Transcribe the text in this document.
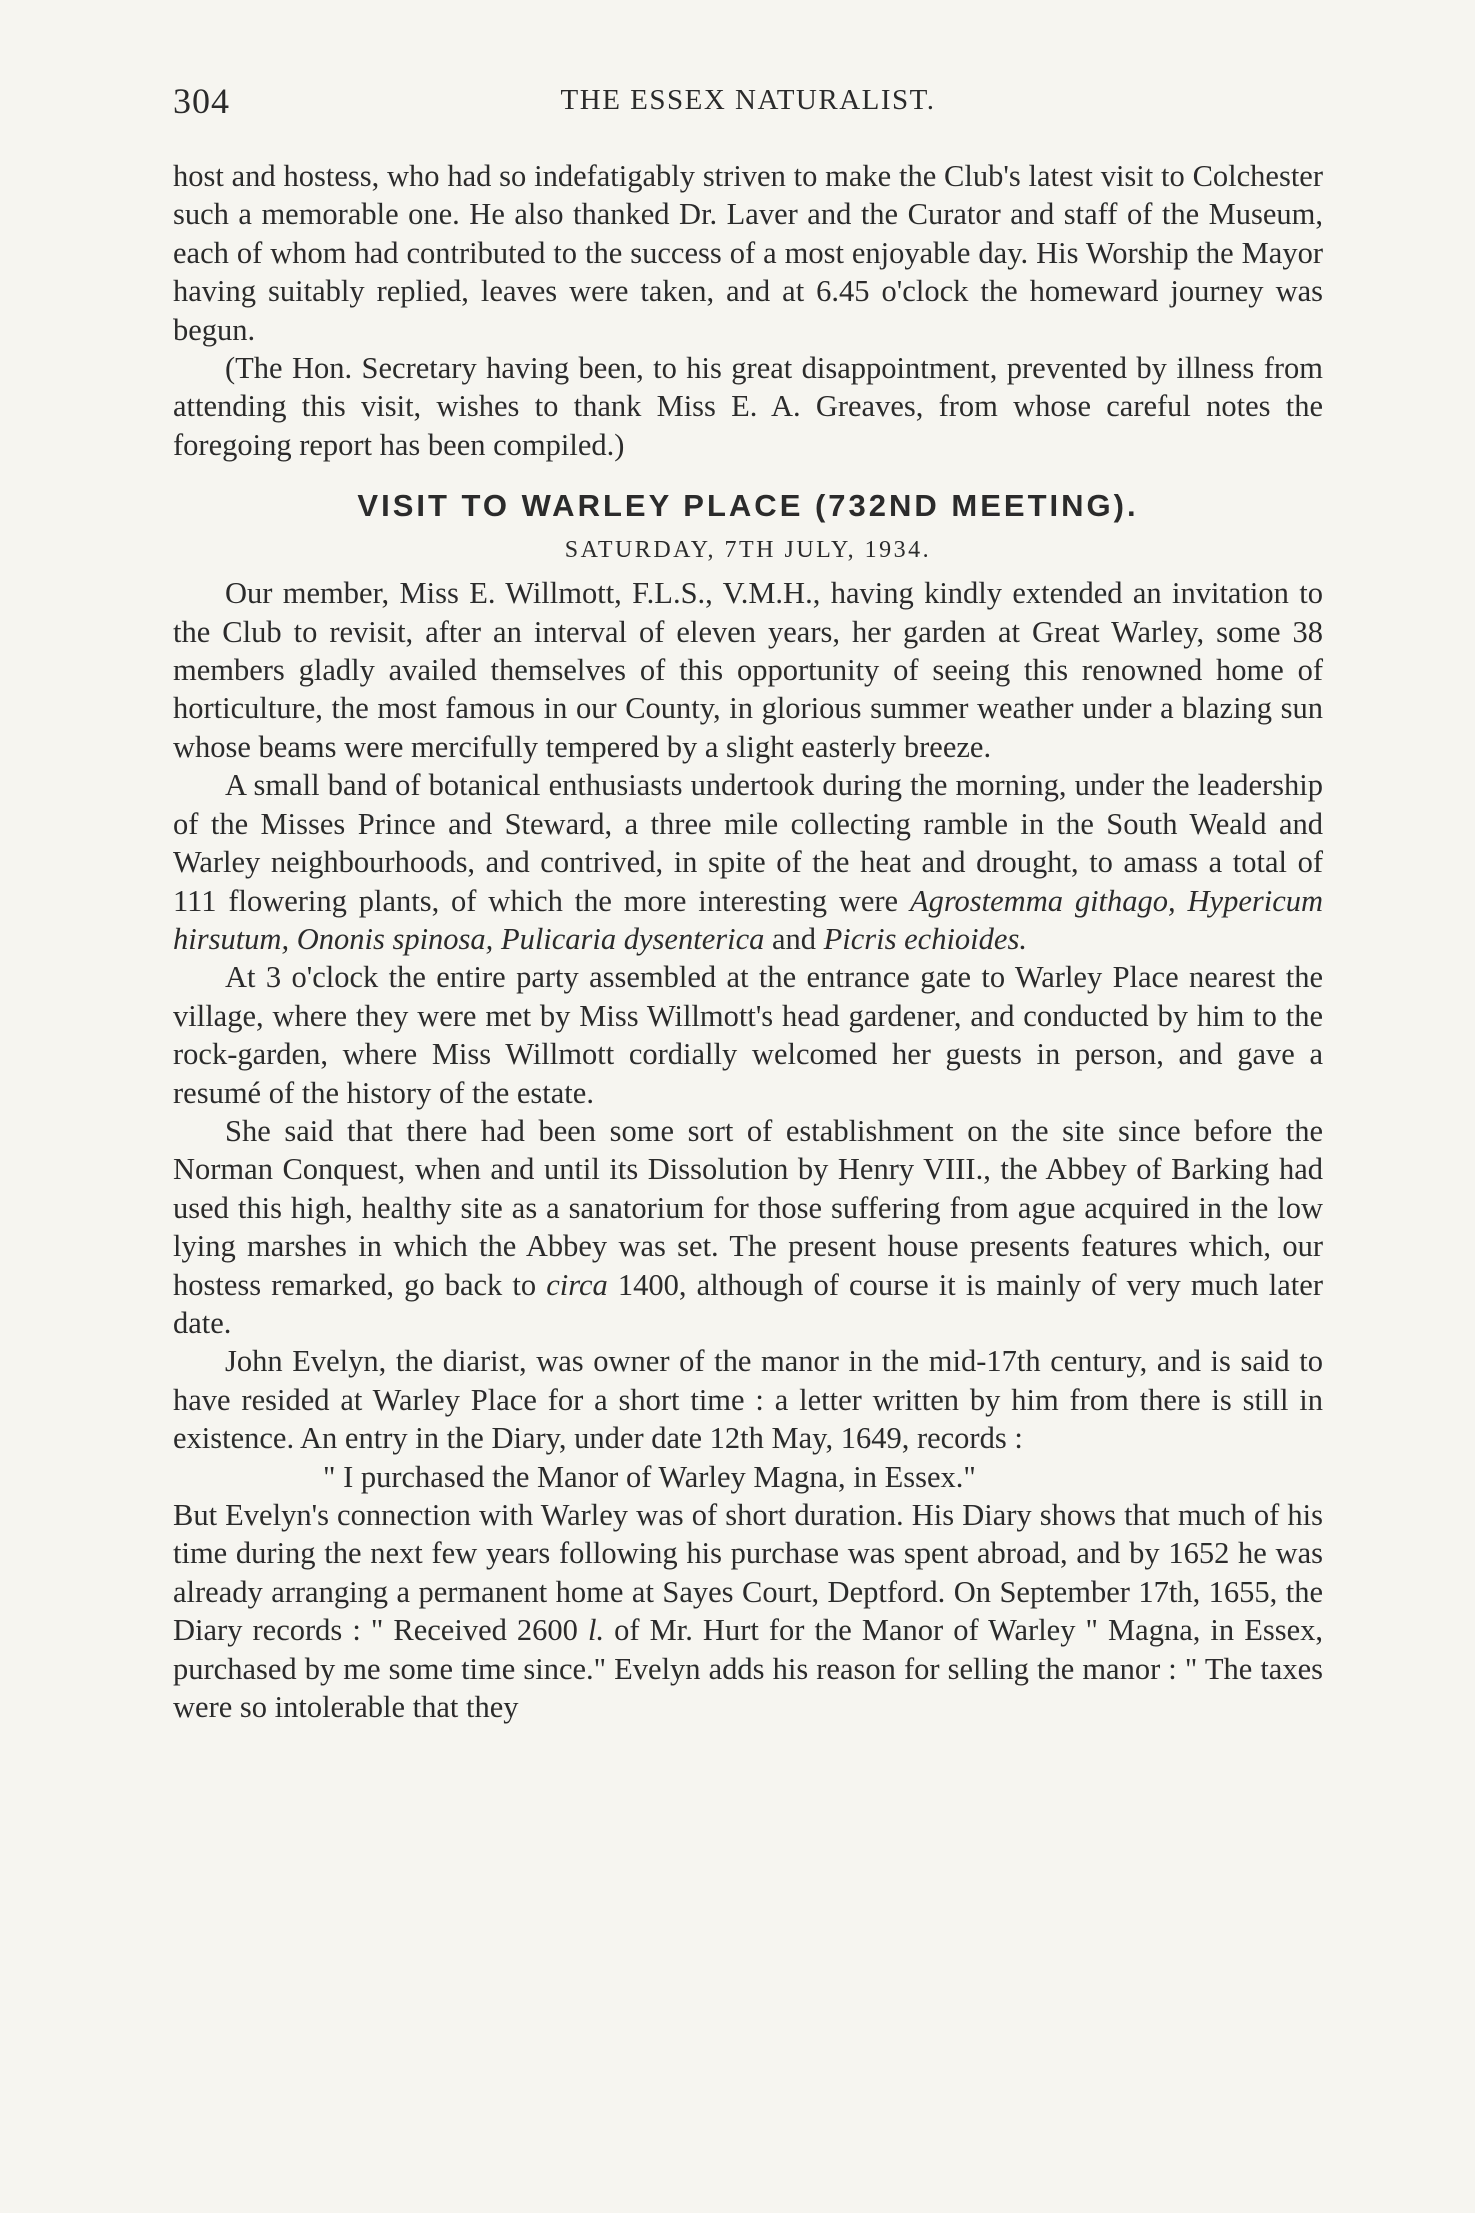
304	THE ESSEX NATURALIST.

host and hostess, who had so indefatigably striven to make the Club's latest visit to Colchester such a memorable one. He also thanked Dr. Laver and the Curator and staff of the Museum, each of whom had contributed to the success of a most enjoyable day. His Worship the Mayor having suitably replied, leaves were taken, and at 6.45 o'clock the homeward journey was begun.

(The Hon. Secretary having been, to his great disappointment, prevented by illness from attending this visit, wishes to thank Miss E. A. Greaves, from whose careful notes the foregoing report has been compiled.)

VISIT TO WARLEY PLACE (732ND MEETING).
SATURDAY, 7TH JULY, 1934.

Our member, Miss E. Willmott, F.L.S., V.M.H., having kindly extended an invitation to the Club to revisit, after an interval of eleven years, her garden at Great Warley, some 38 members gladly availed themselves of this opportunity of seeing this renowned home of horticulture, the most famous in our County, in glorious summer weather under a blazing sun whose beams were mercifully tempered by a slight easterly breeze.

A small band of botanical enthusiasts undertook during the morning, under the leadership of the Misses Prince and Steward, a three mile collecting ramble in the South Weald and Warley neighbourhoods, and contrived, in spite of the heat and drought, to amass a total of 111 flowering plants, of which the more interesting were Agrostemma githago, Hypericum hirsutum, Ononis spinosa, Pulicaria dysenterica and Picris echioides.

At 3 o'clock the entire party assembled at the entrance gate to Warley Place nearest the village, where they were met by Miss Willmott's head gardener, and conducted by him to the rock-garden, where Miss Willmott cordially welcomed her guests in person, and gave a resumé of the history of the estate.

She said that there had been some sort of establishment on the site since before the Norman Conquest, when and until its Dissolution by Henry VIII., the Abbey of Barking had used this high, healthy site as a sanatorium for those suffering from ague acquired in the low lying marshes in which the Abbey was set. The present house presents features which, our hostess remarked, go back to circa 1400, although of course it is mainly of very much later date.

John Evelyn, the diarist, was owner of the manor in the mid-17th century, and is said to have resided at Warley Place for a short time : a letter written by him from there is still in existence. An entry in the Diary, under date 12th May, 1649, records :

" I purchased the Manor of Warley Magna, in Essex."

But Evelyn's connection with Warley was of short duration. His Diary shows that much of his time during the next few years following his purchase was spent abroad, and by 1652 he was already arranging a permanent home at Sayes Court, Deptford. On September 17th, 1655, the Diary records : " Received 2600 l. of Mr. Hurt for the Manor of Warley " Magna, in Essex, purchased by me some time since." Evelyn adds his reason for selling the manor : " The taxes were so intolerable that they
